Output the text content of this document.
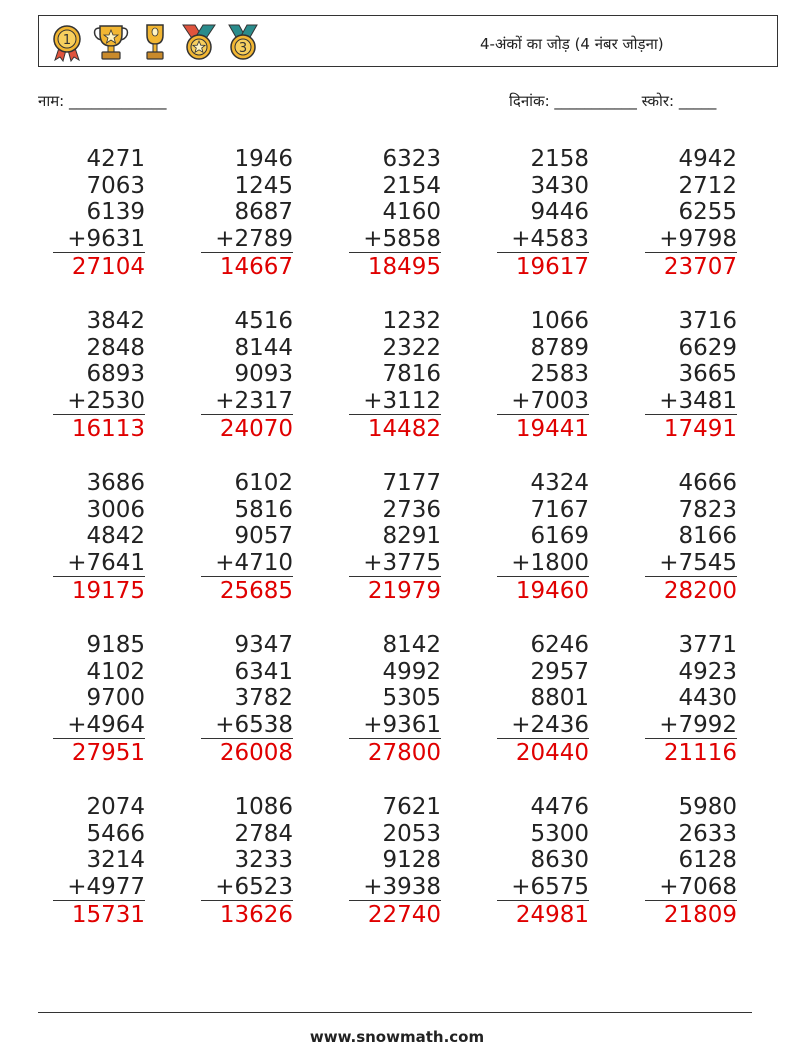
1
3	4-अंकों का जोड़ (4 नंबर जोड़ना)
नाम: _____________	दिनांक: ___________ स्कोर: _____
4271
7063
6139
+9631
27104
1946
1245
8687
+2789
14667
6323
2154
4160
+5858
18495
2158
3430
9446
+4583
19617
4942
2712
6255
+9798
23707
3842
2848
6893
+2530
16113
4516
8144
9093
+2317
24070
1232
2322
7816
+3112
14482
1066
8789
2583
+7003
19441
3716
6629
3665
+3481
17491
3686
3006
4842
+7641
19175
6102
5816
9057
+4710
25685
7177
2736
8291
+3775
21979
4324
7167
6169
+1800
19460
4666
7823
8166
+7545
28200
9185
4102
9700
+4964
27951
9347
6341
3782
+6538
26008
8142
4992
5305
+9361
27800
6246
2957
8801
+2436
20440
3771
4923
4430
+7992
21116
2074
5466
3214
+4977
15731
1086
2784
3233
+6523
13626
7621
2053
9128
+3938
22740
4476
5300
8630
+6575
24981
5980
2633
6128
+7068
21809
www.snowmath.com
